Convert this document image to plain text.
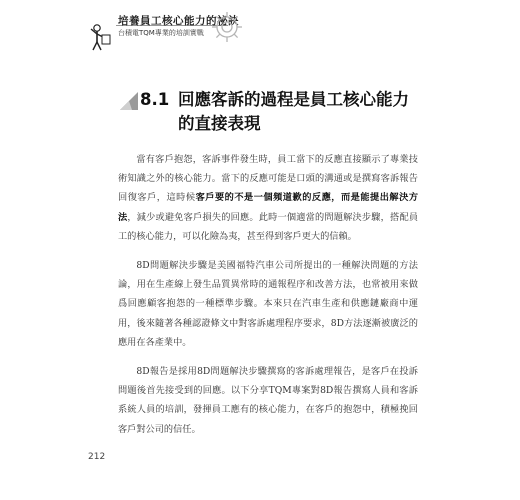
培養員工核心能力的祕訣
台積電TQM專業的培訓實戰
8.1 回應客訴的過程是員工核心能力的直接表現

當有客戶抱怨，客訴事件發生時，員工當下的反應直接顯示了專業技術知識之外的核心能力。當下的反應可能是口頭的溝通或是撰寫客訴報告回復客戶，這時候客戶要的不是一個頻道歉的反應，而是能提出解決方法，減少或避免客戶損失的回應。此時一個適當的問題解決步驟，搭配員工的核心能力，可以化險為夷，甚至得到客戶更大的信賴。

8D問題解決步驟是美國福特汽車公司所提出的一種解決問題的方法論，用在生產線上發生品質異常時的通報程序和改善方法，也常被用來做爲回應顧客抱怨的一種標準步驟。本來只在汽車生產和供應鏈廠商中運用，後來隨著各種認證條文中對客訴處理程序要求，8D方法逐漸被廣泛的應用在各產業中。

8D報告是採用8D問題解決步驟撰寫的客訴處理報告，是客戶在投訴問題後首先接受到的回應。以下分享TQM專案對8D報告撰寫人員和客訴系統人員的培訓，發揮員工應有的核心能力，在客戶的抱怨中，積極挽回客戶對公司的信任。

212
